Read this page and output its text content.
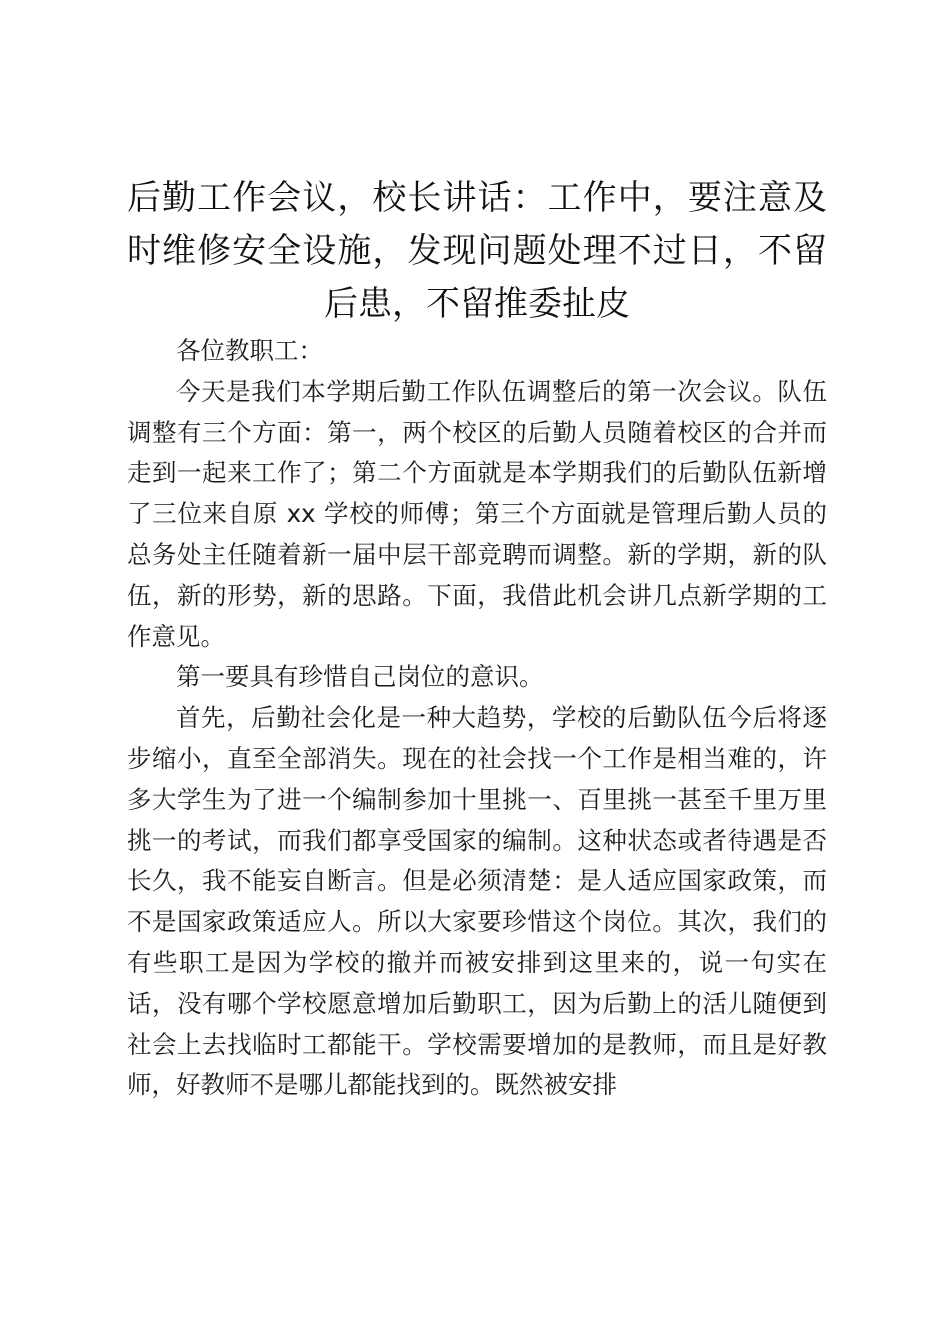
后勤工作会议，校长讲话：工作中，要注意及时维修安全设施，发现问题处理不过日，不留后患，不留推委扯皮

各位教职工：

今天是我们本学期后勤工作队伍调整后的第一次会议。队伍调整有三个方面：第一，两个校区的后勤人员随着校区的合并而走到一起来工作了；第二个方面就是本学期我们的后勤队伍新增了三位来自原 xx 学校的师傅；第三个方面就是管理后勤人员的总务处主任随着新一届中层干部竞聘而调整。新的学期，新的队伍，新的形势，新的思路。下面，我借此机会讲几点新学期的工作意见。

第一要具有珍惜自己岗位的意识。

首先，后勤社会化是一种大趋势，学校的后勤队伍今后将逐步缩小，直至全部消失。现在的社会找一个工作是相当难的，许多大学生为了进一个编制参加十里挑一、百里挑一甚至千里万里挑一的考试，而我们都享受国家的编制。这种状态或者待遇是否长久，我不能妄自断言。但是必须清楚：是人适应国家政策，而不是国家政策适应人。所以大家要珍惜这个岗位。其次，我们的有些职工是因为学校的撤并而被安排到这里来的，说一句实在话，没有哪个学校愿意增加后勤职工，因为后勤上的活儿随便到社会上去找临时工都能干。学校需要增加的是教师，而且是好教师，好教师不是哪儿都能找到的。既然被安排
